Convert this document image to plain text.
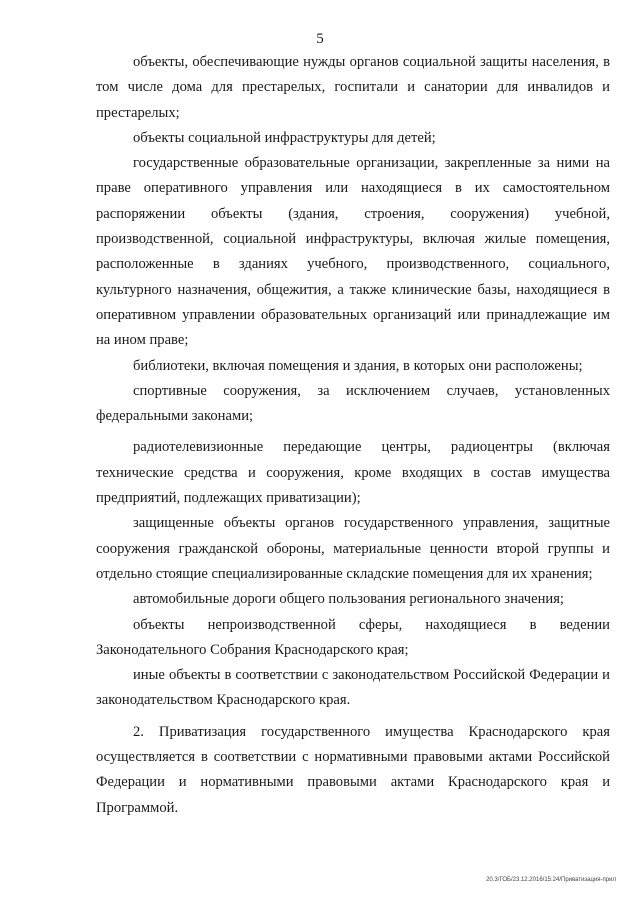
5

объекты, обеспечивающие нужды органов социальной защиты населения, в том числе дома для престарелых, госпитали и санатории для инвалидов и престарелых;

объекты социальной инфраструктуры для детей;

государственные образовательные организации, закрепленные за ними на праве оперативного управления или находящиеся в их самостоятельном распоряжении объекты (здания, строения, сооружения) учебной, производственной, социальной инфраструктуры, включая жилые помещения, расположенные в зданиях учебного, производственного, социального, культурного назначения, общежития, а также клинические базы, находящиеся в оперативном управлении образовательных организаций или принадлежащие им на ином праве;

библиотеки, включая помещения и здания, в которых они расположены;

спортивные сооружения, за исключением случаев, установленных федеральными законами;

радиотелевизионные передающие центры, радиоцентры (включая технические средства и сооружения, кроме входящих в состав имущества предприятий, подлежащих приватизации);

защищенные объекты органов государственного управления, защитные сооружения гражданской обороны, материальные ценности второй группы и отдельно стоящие специализированные складские помещения для их хранения;

автомобильные дороги общего пользования регионального значения;

объекты непроизводственной сферы, находящиеся в ведении Законодательного Собрания Краснодарского края;

иные объекты в соответствии с законодательством Российской Федерации и законодательством Краснодарского края.

2. Приватизация государственного имущества Краснодарского края осуществляется в соответствии с нормативными правовыми актами Российской Федерации и нормативными правовыми актами Краснодарского края и Программой.

20.3/ГОБ/23.12.2016/15:24/Приватизация-прил
